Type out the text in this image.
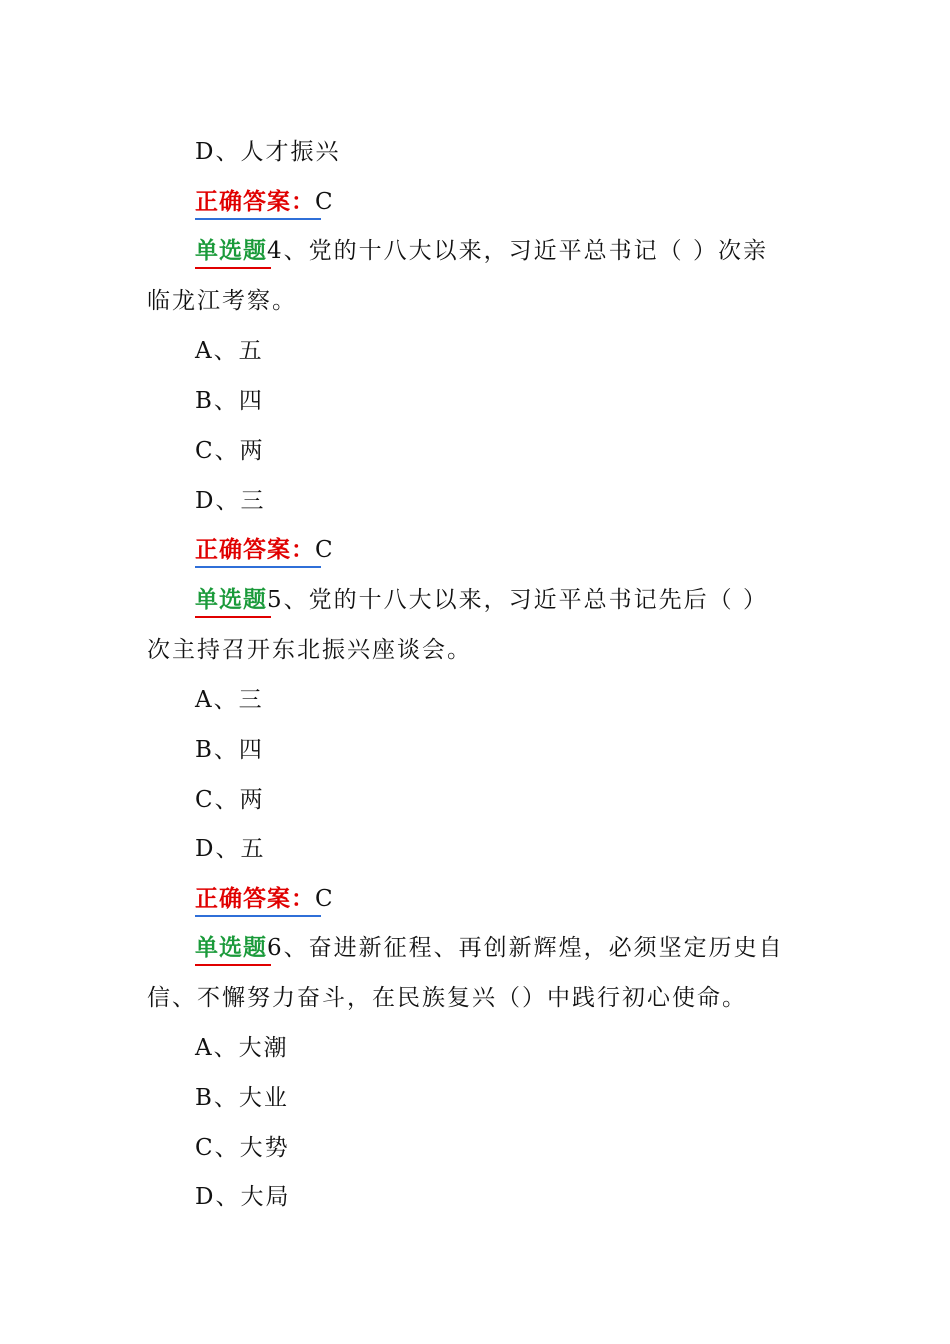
D、人才振兴
正确答案：C
单选题4、党的十八大以来，习近平总书记（ ）次亲
临龙江考察。
A、五
B、四
C、两
D、三
正确答案：C
单选题5、党的十八大以来，习近平总书记先后（ ）
次主持召开东北振兴座谈会。
A、三
B、四
C、两
D、五
正确答案：C
单选题6、奋进新征程、再创新辉煌，必须坚定历史自
信、不懈努力奋斗，在民族复兴（）中践行初心使命。
A、大潮
B、大业
C、大势
D、大局
